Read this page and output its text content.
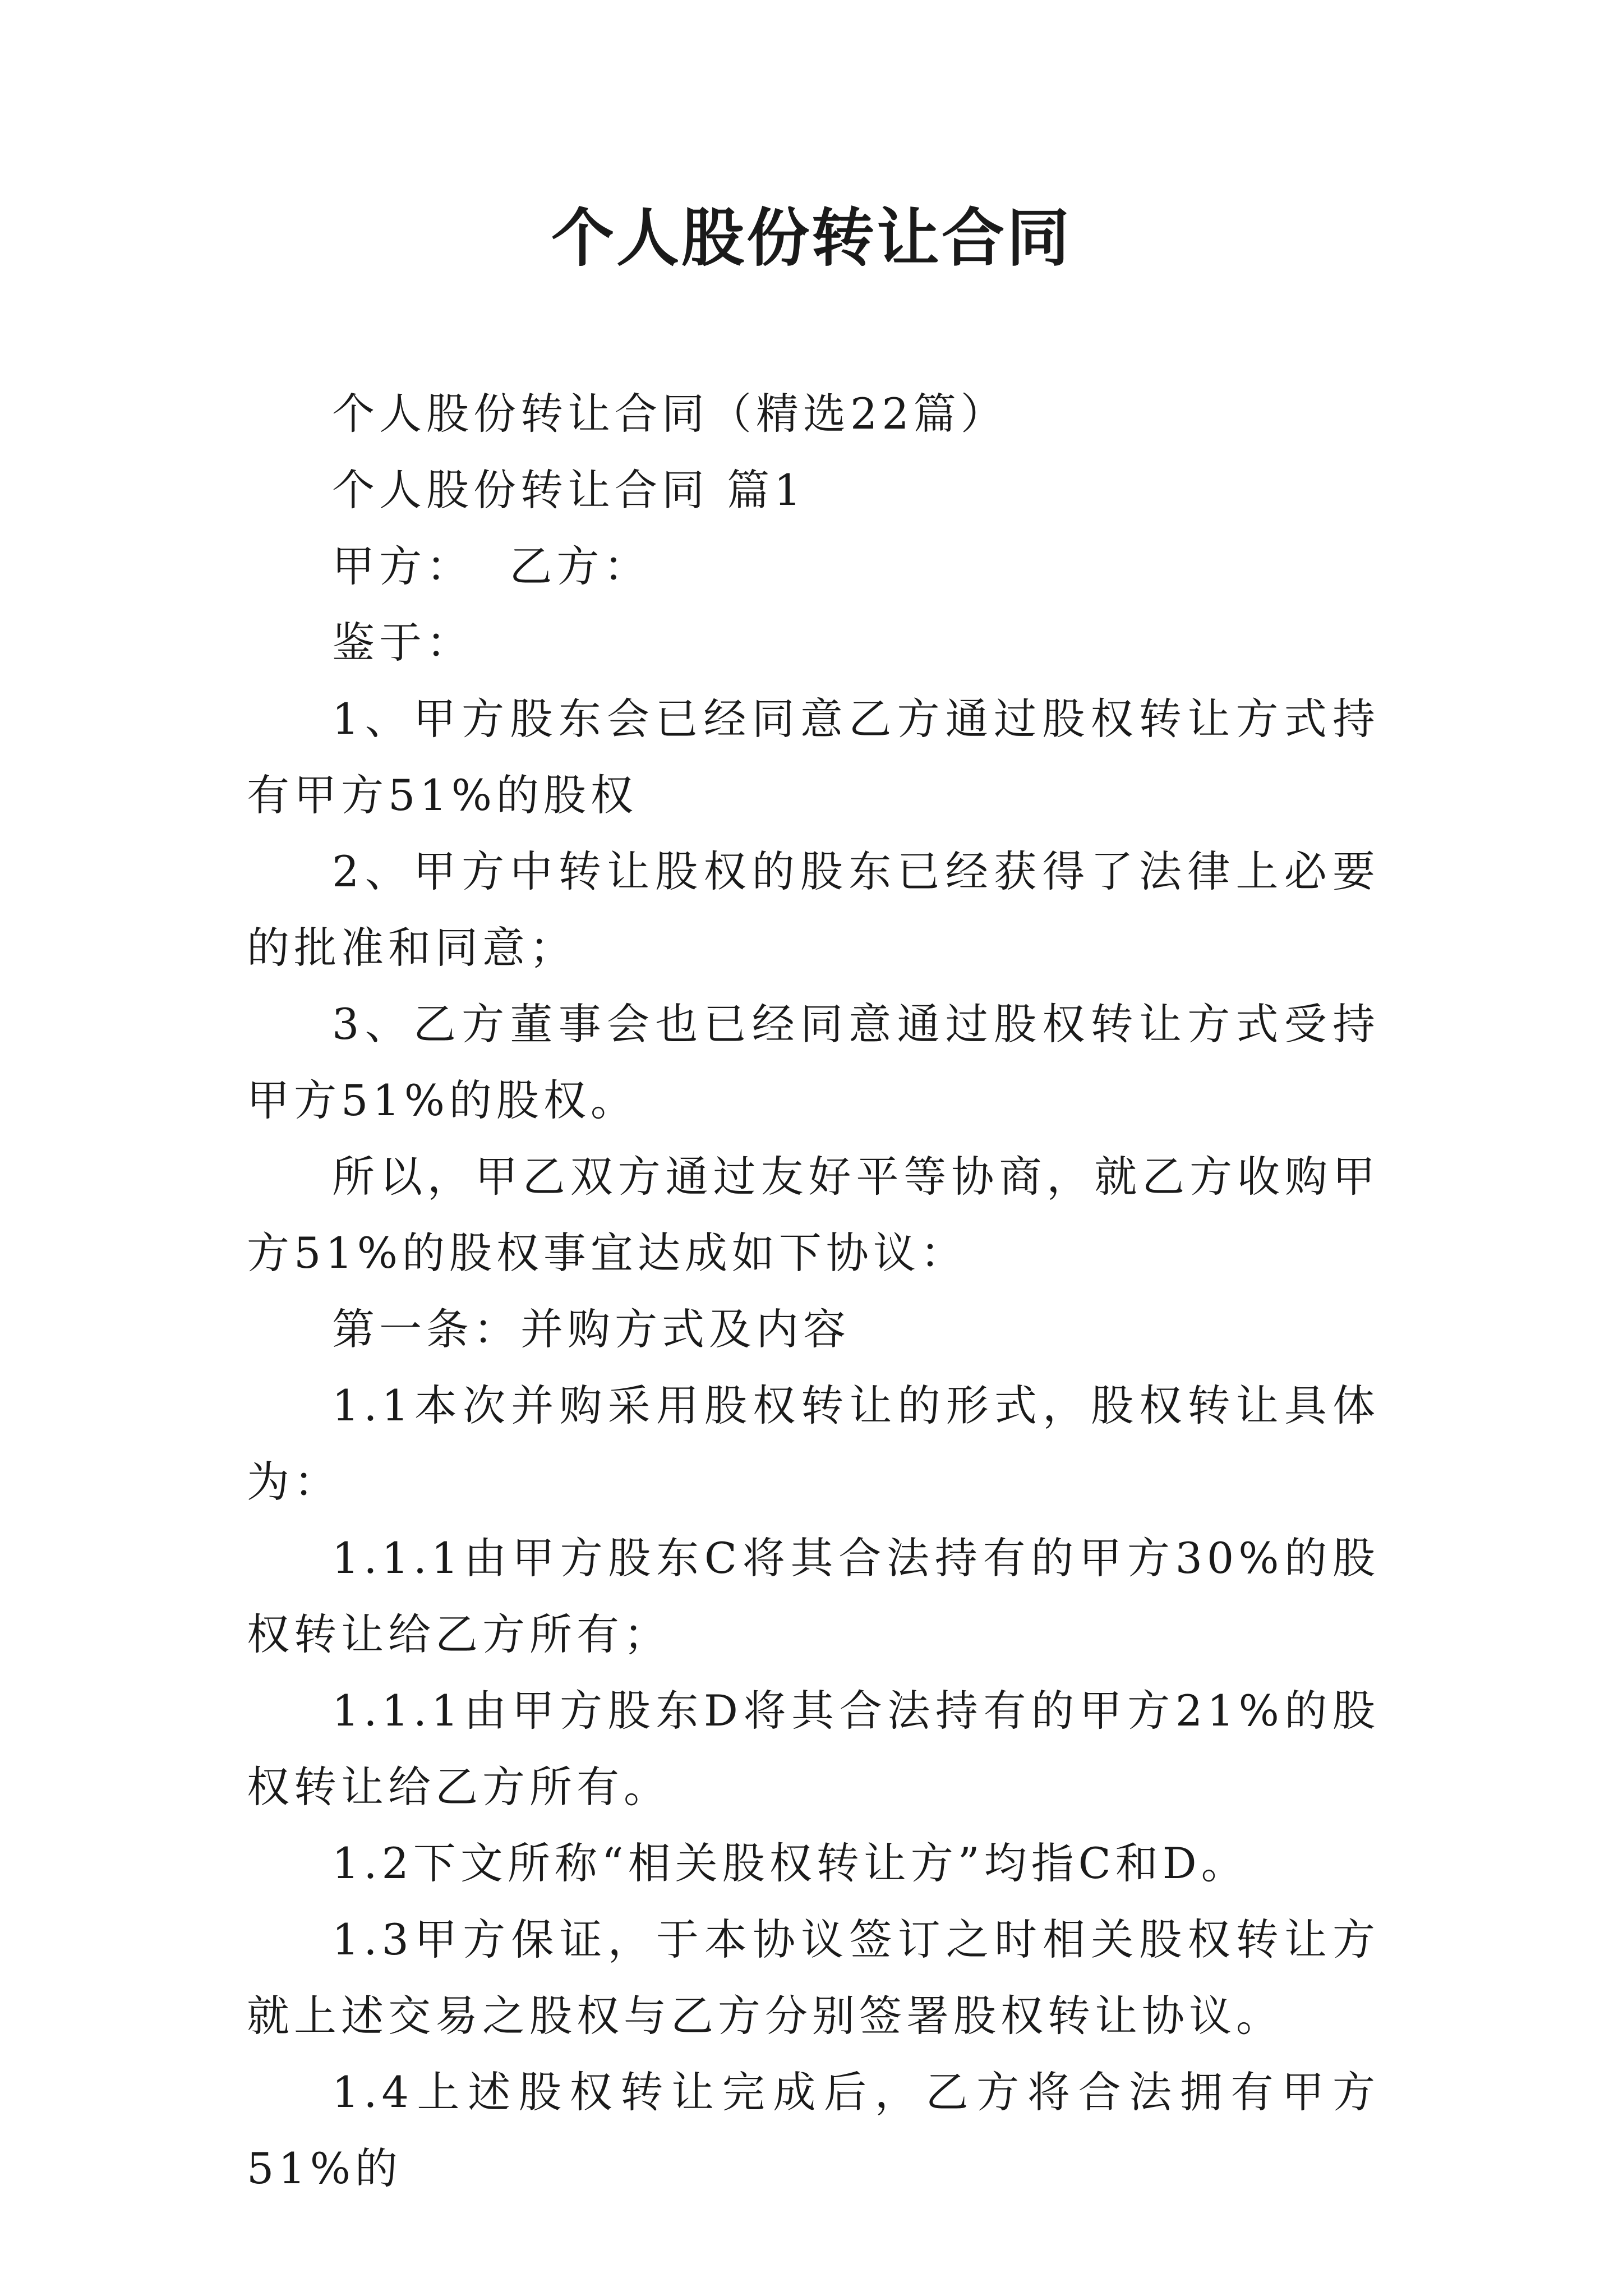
个人股份转让合同

个人股份转让合同（精选22篇）

个人股份转让合同 篇1

甲方：  乙方：

鉴于：

1、甲方股东会已经同意乙方通过股权转让方式持有甲方51%的股权

2、甲方中转让股权的股东已经获得了法律上必要的批准和同意；

3、乙方董事会也已经同意通过股权转让方式受持甲方51%的股权。

所以，甲乙双方通过友好平等协商，就乙方收购甲方51%的股权事宜达成如下协议：

第一条：并购方式及内容

1.1本次并购采用股权转让的形式，股权转让具体为：

1.1.1由甲方股东C将其合法持有的甲方30%的股权转让给乙方所有；

1.1.1由甲方股东D将其合法持有的甲方21%的股权转让给乙方所有。

1.2下文所称“相关股权转让方”均指C和D。

1.3甲方保证，于本协议签订之时相关股权转让方就上述交易之股权与乙方分别签署股权转让协议。

1.4上述股权转让完成后，乙方将合法拥有甲方51%的
